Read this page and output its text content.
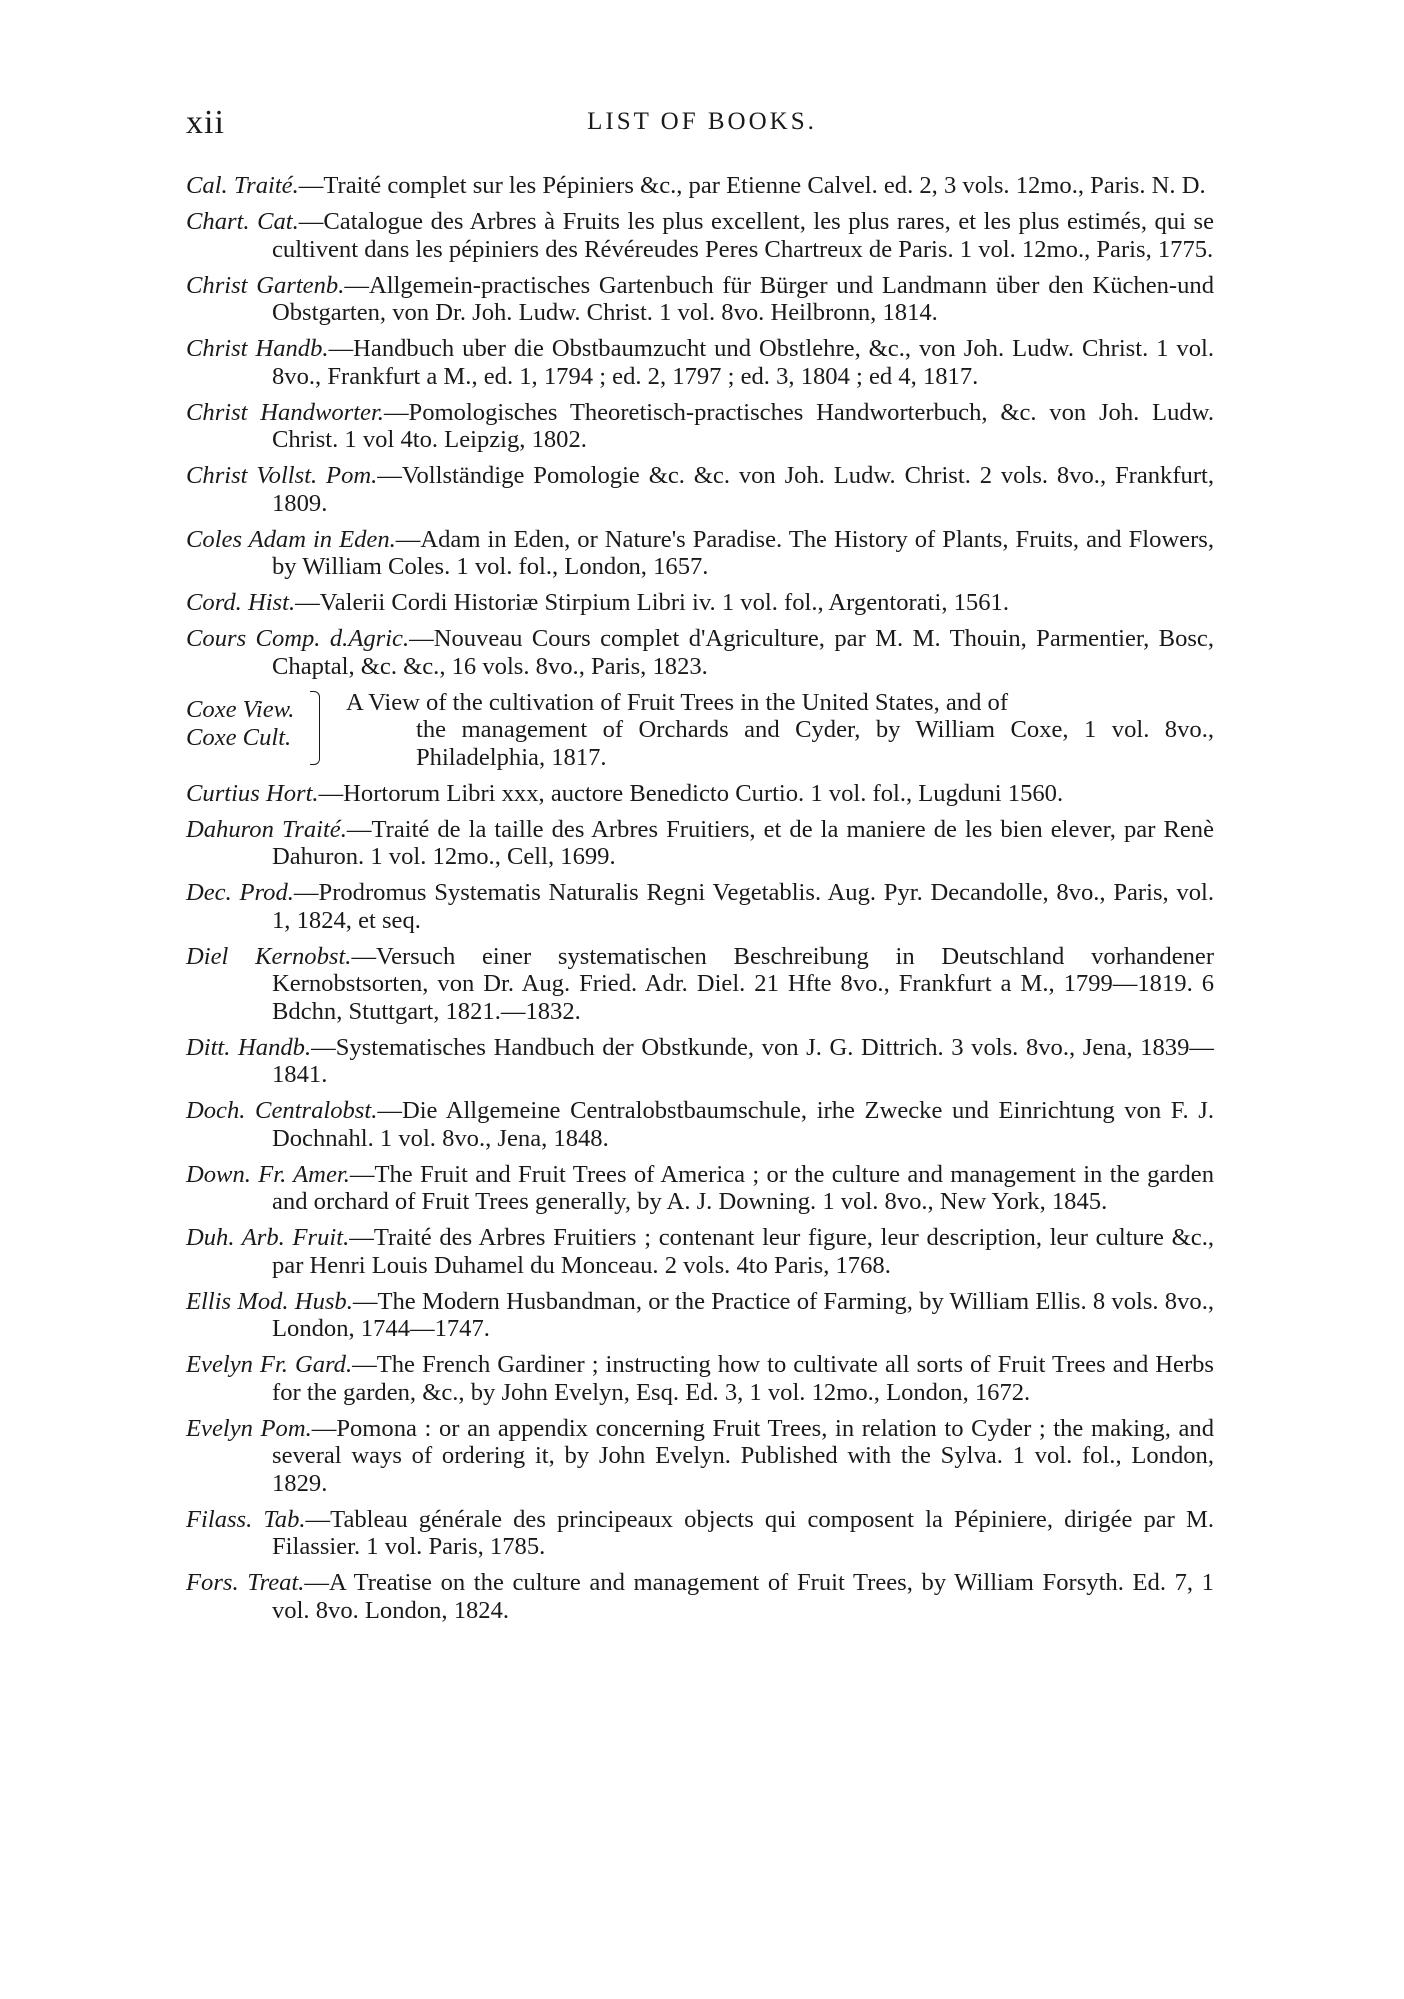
xii	LIST OF BOOKS.

Cal. Traité.—Traité complet sur les Pépiniers &c., par Etienne Calvel. ed. 2, 3 vols. 12mo., Paris. N. D.

Chart. Cat.—Catalogue des Arbres à Fruits les plus excellent, les plus rares, et les plus estimés, qui se cultivent dans les pépiniers des Révéreudes Peres Chartreux de Paris. 1 vol. 12mo., Paris, 1775.

Christ Gartenb.—Allgemein-practisches Gartenbuch für Bürger und Landmann über den Küchen-und Obstgarten, von Dr. Joh. Ludw. Christ. 1 vol. 8vo. Heilbronn, 1814.

Christ Handb.—Handbuch uber die Obstbaumzucht und Obstlehre, &c., von Joh. Ludw. Christ. 1 vol. 8vo., Frankfurt a M., ed. 1, 1794 ; ed. 2, 1797 ; ed. 3, 1804 ; ed 4, 1817.

Christ Handworter.—Pomologisches Theoretisch-practisches Handworterbuch, &c. von Joh. Ludw. Christ. 1 vol 4to. Leipzig, 1802.

Christ Vollst. Pom.—Vollständige Pomologie &c. &c. von Joh. Ludw. Christ. 2 vols. 8vo., Frankfurt, 1809.

Coles Adam in Eden.—Adam in Eden, or Nature's Paradise. The History of Plants, Fruits, and Flowers, by William Coles. 1 vol. fol., London, 1657.

Cord. Hist.—Valerii Cordi Historiæ Stirpium Libri iv. 1 vol. fol., Argentorati, 1561.

Cours Comp. d.Agric.—Nouveau Cours complet d'Agriculture, par M. M. Thouin, Parmentier, Bosc, Chaptal, &c. &c., 16 vols. 8vo., Paris, 1823.

Coxe View.
Coxe Cult.
A View of the cultivation of Fruit Trees in the United States, and of
the management of Orchards and Cyder, by William Coxe, 1 vol. 8vo., Philadelphia, 1817.

Curtius Hort.—Hortorum Libri xxx, auctore Benedicto Curtio. 1 vol. fol., Lugduni 1560.

Dahuron Traité.—Traité de la taille des Arbres Fruitiers, et de la maniere de les bien elever, par Renè Dahuron. 1 vol. 12mo., Cell, 1699.

Dec. Prod.—Prodromus Systematis Naturalis Regni Vegetablis. Aug. Pyr. Decandolle, 8vo., Paris, vol. 1, 1824, et seq.

Diel Kernobst.—Versuch einer systematischen Beschreibung in Deutschland vorhandener Kernobstsorten, von Dr. Aug. Fried. Adr. Diel. 21 Hfte 8vo., Frankfurt a M., 1799—1819. 6 Bdchn, Stuttgart, 1821.—1832.

Ditt. Handb.—Systematisches Handbuch der Obstkunde, von J. G. Dittrich. 3 vols. 8vo., Jena, 1839—1841.

Doch. Centralobst.—Die Allgemeine Centralobstbaumschule, irhe Zwecke und Einrichtung von F. J. Dochnahl. 1 vol. 8vo., Jena, 1848.

Down. Fr. Amer.—The Fruit and Fruit Trees of America ; or the culture and management in the garden and orchard of Fruit Trees generally, by A. J. Downing. 1 vol. 8vo., New York, 1845.

Duh. Arb. Fruit.—Traité des Arbres Fruitiers ; contenant leur figure, leur description, leur culture &c., par Henri Louis Duhamel du Monceau. 2 vols. 4to Paris, 1768.

Ellis Mod. Husb.—The Modern Husbandman, or the Practice of Farming, by William Ellis. 8 vols. 8vo., London, 1744—1747.

Evelyn Fr. Gard.—The French Gardiner ; instructing how to cultivate all sorts of Fruit Trees and Herbs for the garden, &c., by John Evelyn, Esq. Ed. 3, 1 vol. 12mo., London, 1672.

Evelyn Pom.—Pomona : or an appendix concerning Fruit Trees, in relation to Cyder ; the making, and several ways of ordering it, by John Evelyn. Published with the Sylva. 1 vol. fol., London, 1829.

Filass. Tab.—Tableau générale des principeaux objects qui composent la Pépiniere, dirigée par M. Filassier. 1 vol. Paris, 1785.

Fors. Treat.—A Treatise on the culture and management of Fruit Trees, by William Forsyth. Ed. 7, 1 vol. 8vo. London, 1824.
